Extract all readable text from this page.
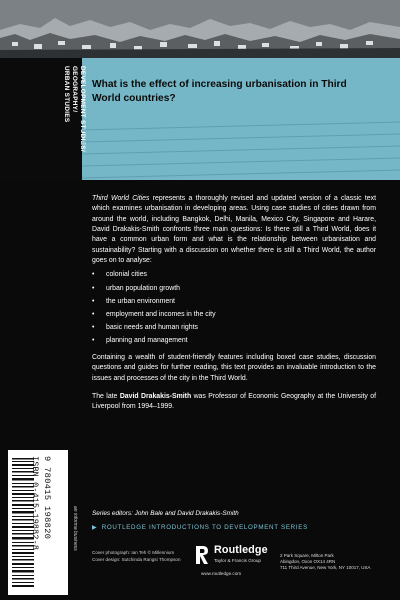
DEVELOPMENT STUDIES/
GEOGRAPHY/
URBAN STUDIES What is the effect of increasing urbanisation in Third World countries?

Third World Cities represents a thoroughly revised and updated version of a classic text which examines urbanisation in developing areas. Using case studies of cities drawn from around the world, including Bangkok, Delhi, Manila, Mexico City, Singapore and Harare, David Drakakis-Smith confronts three main questions: Is there still a Third World, does it have a common urban form and what is the relationship between urbanisation and sustainability? Starting with a discussion on whether there is still a Third World, the author goes on to analyse:

• colonial cities
• urban population growth
• the urban environment
• employment and incomes in the city
• basic needs and human rights
• planning and management

Containing a wealth of student-friendly features including boxed case studies, discussion questions and guides for further reading, this text provides an invaluable introduction to the issues and processes of the city in the Third World.

The late David Drakakis-Smith was Professor of Economic Geography at the University of Liverpool from 1994–1999.

ISBN 0-415-19882-8 9 780415 198820	an informa business Series editors: John Bale and David Drakakis-Smith
▶ ROUTLEDGE INTRODUCTIONS TO DEVELOPMENT SERIES
Cover photograph: Ian Teh © Millennium
Cover design: Sutchinda Rangsi Thompson
Routledge
Taylor & Francis Group
www.routledge.com
2 Park Square, Milton Park
Abingdon, Oxon OX14 4RN
711 Third Avenue, New York, NY 10017, USA
